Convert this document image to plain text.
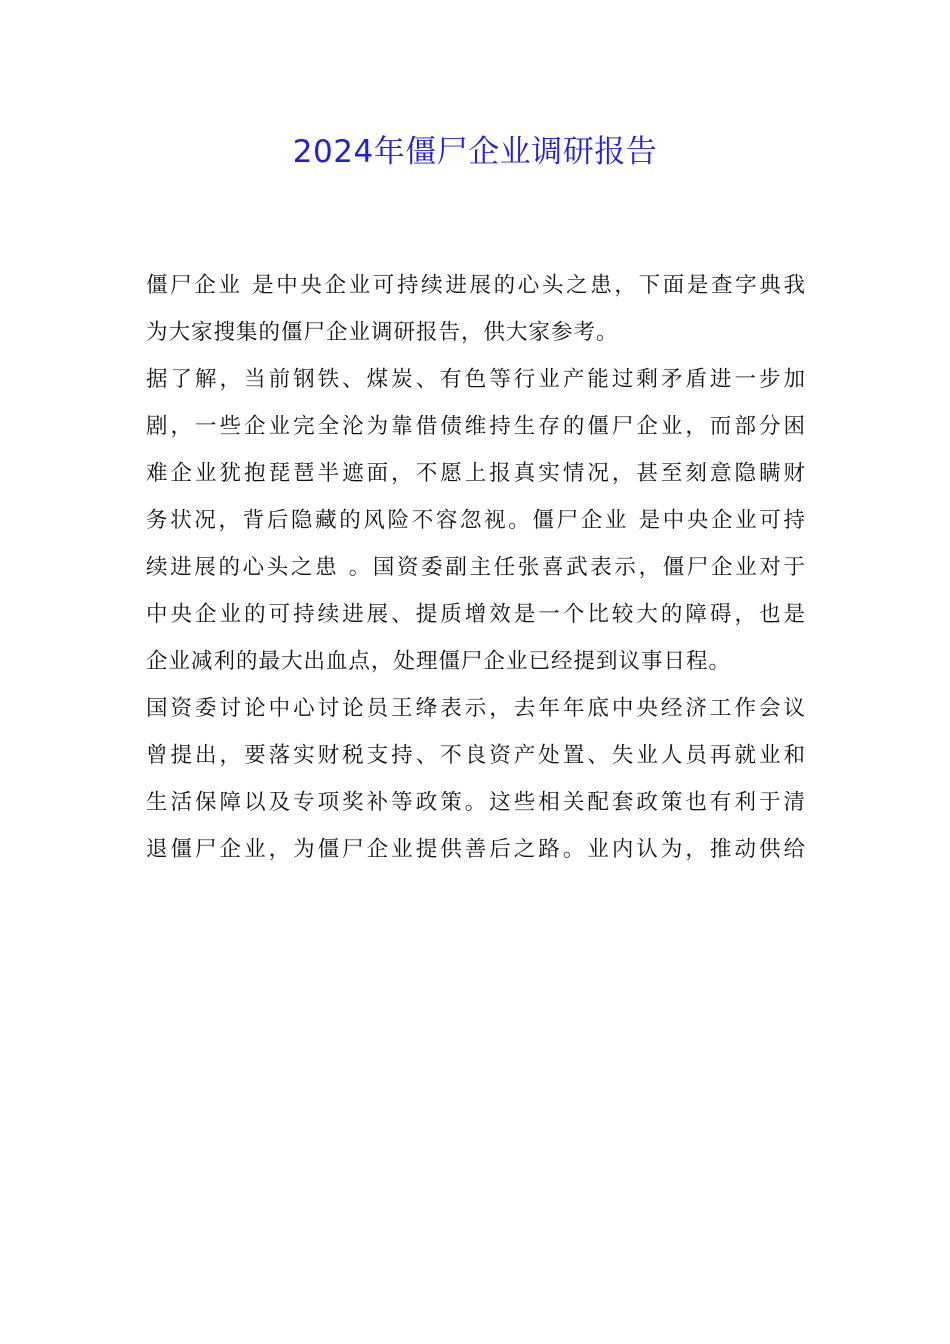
2024年僵尸企业调研报告
僵尸企业 是中央企业可持续进展的心头之患，下面是查字典我
为大家搜集的僵尸企业调研报告，供大家参考。
据了解，当前钢铁、煤炭、有色等行业产能过剩矛盾进一步加
剧，一些企业完全沦为靠借债维持生存的僵尸企业，而部分困
难企业犹抱琵琶半遮面，不愿上报真实情况，甚至刻意隐瞒财
务状况，背后隐藏的风险不容忽视。僵尸企业 是中央企业可持
续进展的心头之患 。国资委副主任张喜武表示，僵尸企业对于
中央企业的可持续进展、提质增效是一个比较大的障碍，也是
企业减利的最大出血点，处理僵尸企业已经提到议事日程。
国资委讨论中心讨论员王绛表示，去年年底中央经济工作会议
曾提出，要落实财税支持、不良资产处置、失业人员再就业和
生活保障以及专项奖补等政策。这些相关配套政策也有利于清
退僵尸企业，为僵尸企业提供善后之路。业内认为，推动供给
